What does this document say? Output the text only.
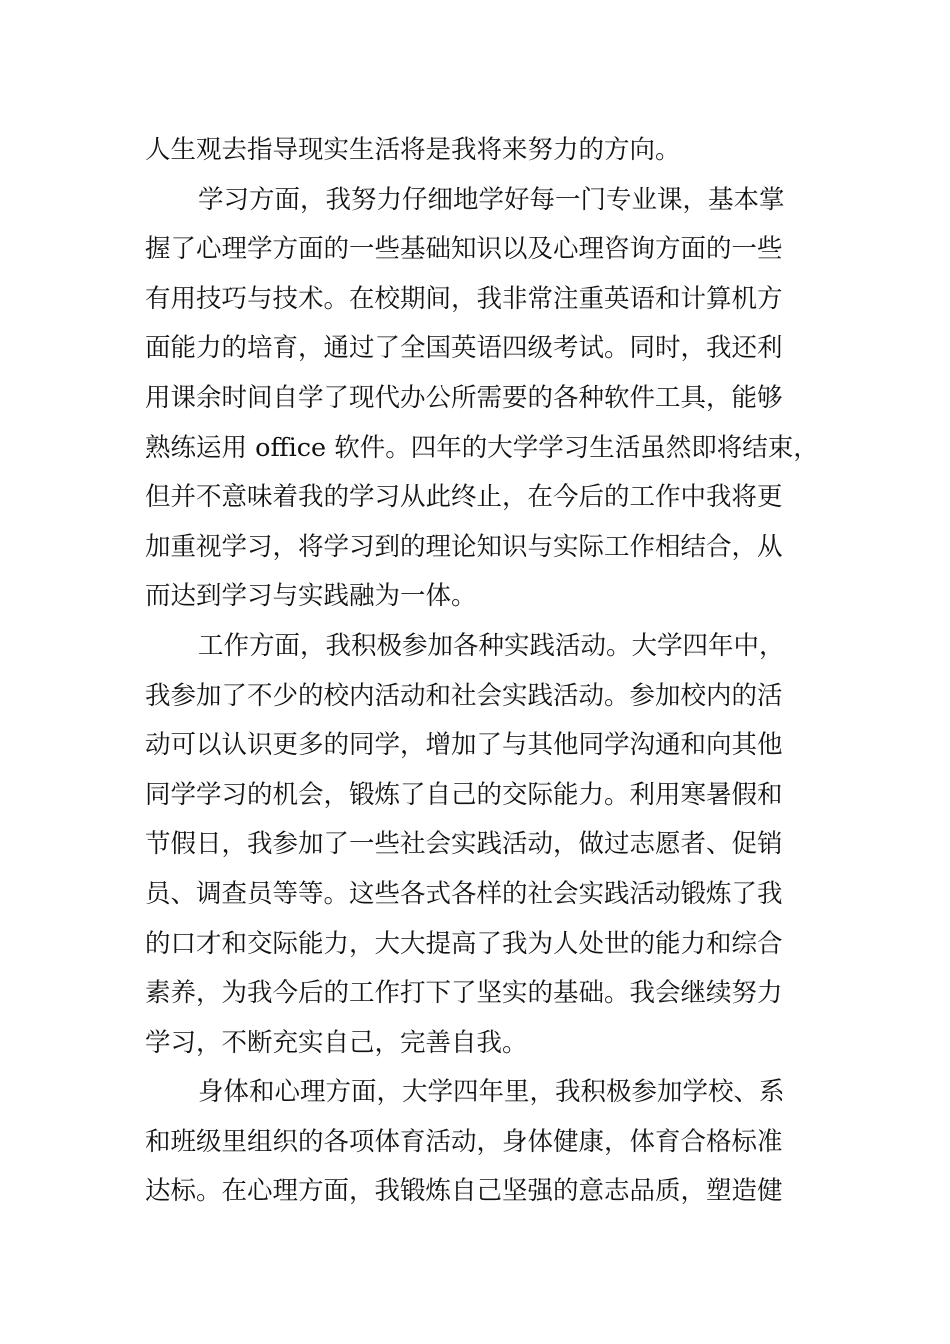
人生观去指导现实生活将是我将来努力的方向。
学习方面，我努力仔细地学好每一门专业课，基本掌
握了心理学方面的一些基础知识以及心理咨询方面的一些
有用技巧与技术。在校期间，我非常注重英语和计算机方
面能力的培育，通过了全国英语四级考试。同时，我还利
用课余时间自学了现代办公所需要的各种软件工具，能够
熟练运用 office 软件。四年的大学学习生活虽然即将结束，
但并不意味着我的学习从此终止，在今后的工作中我将更
加重视学习，将学习到的理论知识与实际工作相结合，从
而达到学习与实践融为一体。
工作方面，我积极参加各种实践活动。大学四年中，
我参加了不少的校内活动和社会实践活动。参加校内的活
动可以认识更多的同学，增加了与其他同学沟通和向其他
同学学习的机会，锻炼了自己的交际能力。利用寒暑假和
节假日，我参加了一些社会实践活动，做过志愿者、促销
员、调查员等等。这些各式各样的社会实践活动锻炼了我
的口才和交际能力，大大提高了我为人处世的能力和综合
素养，为我今后的工作打下了坚实的基础。我会继续努力
学习，不断充实自己，完善自我。
身体和心理方面，大学四年里，我积极参加学校、系
和班级里组织的各项体育活动，身体健康，体育合格标准
达标。在心理方面，我锻炼自己坚强的意志品质，塑造健
